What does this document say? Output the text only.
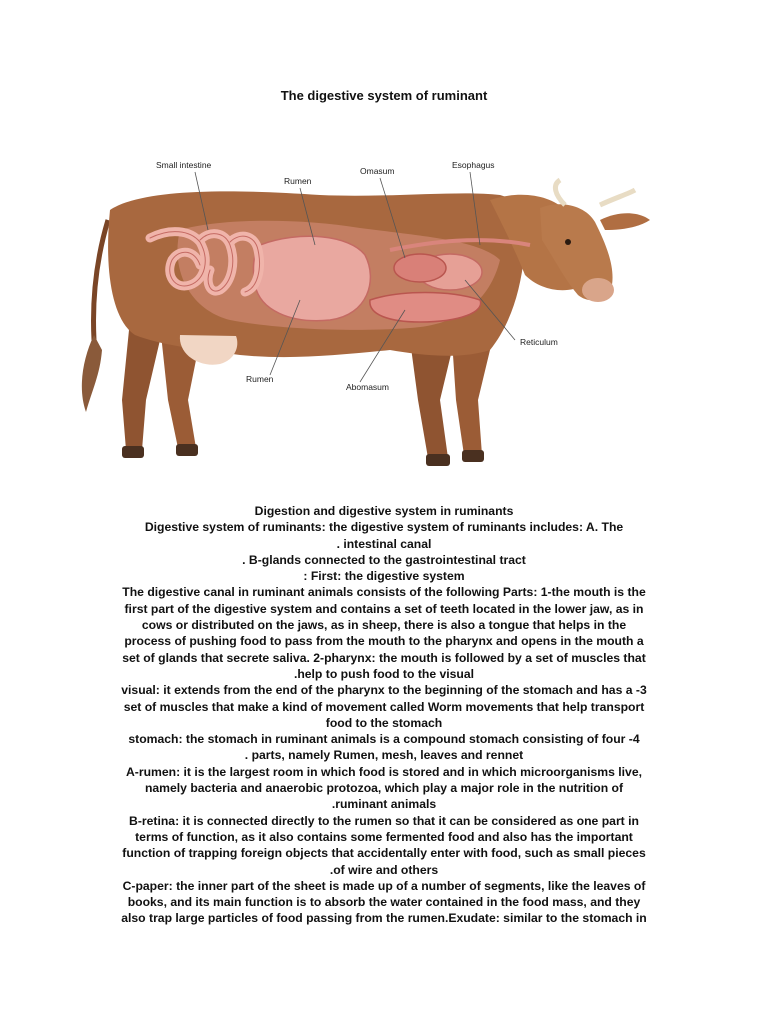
The digestive system of ruminant
Small intestine
Rumen
Omasum
Esophagus
Reticulum
Rumen
Abomasum

Digestion and digestive system in ruminants

Digestive system of ruminants: the digestive system of ruminants includes: A. The

. intestinal canal

. B-glands connected to the gastrointestinal tract

: First: the digestive system

The digestive canal in ruminant animals consists of the following Parts: 1-the mouth is the

first part of the digestive system and contains a set of teeth located in the lower jaw, as in

cows or distributed on the jaws, as in sheep, there is also a tongue that helps in the

process of pushing food to pass from the mouth to the pharynx and opens in the mouth a

set of glands that secrete saliva. 2-pharynx: the mouth is followed by a set of muscles that

.help to push food to the visual

visual: it extends from the end of the pharynx to the beginning of the stomach and has a -3

set of muscles that make a kind of movement called Worm movements that help transport

food to the stomach

stomach: the stomach in ruminant animals is a compound stomach consisting of four -4

. parts, namely Rumen, mesh, leaves and rennet

A-rumen: it is the largest room in which food is stored and in which microorganisms live,

namely bacteria and anaerobic protozoa, which play a major role in the nutrition of

.ruminant animals

B-retina: it is connected directly to the rumen so that it can be considered as one part in

terms of function, as it also contains some fermented food and also has the important

function of trapping foreign objects that accidentally enter with food, such as small pieces

.of wire and others

C-paper: the inner part of the sheet is made up of a number of segments, like the leaves of

books, and its main function is to absorb the water contained in the food mass, and they

also trap large particles of food passing from the rumen.Exudate: similar to the stomach in
